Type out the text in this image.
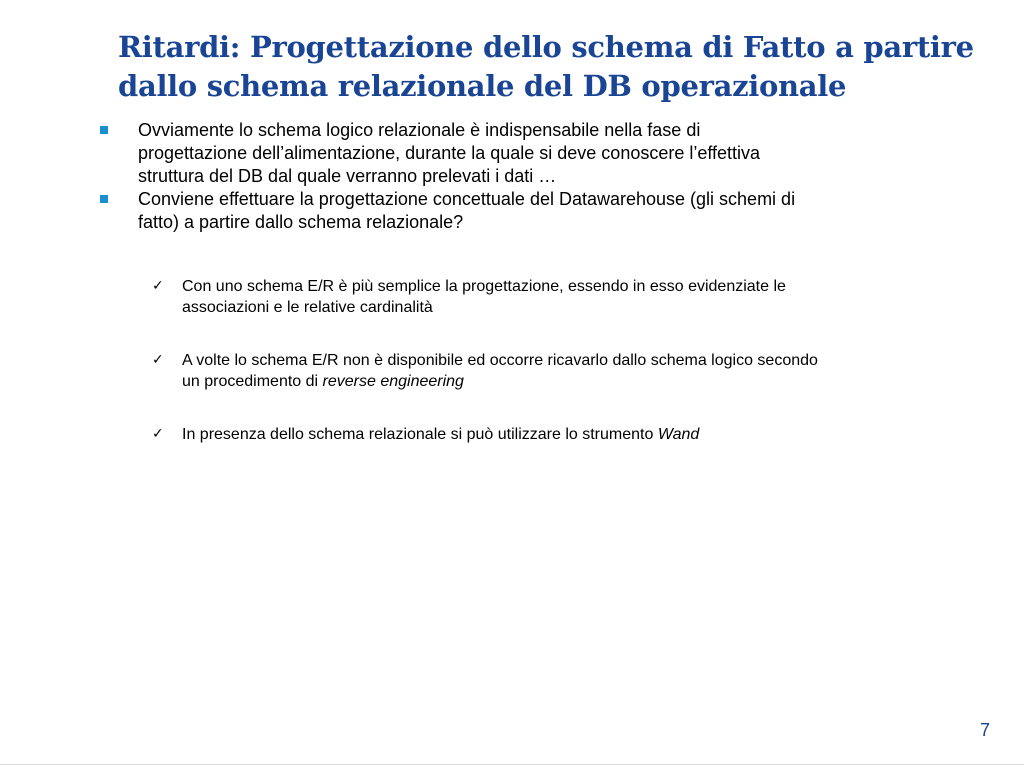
Ritardi: Progettazione dello schema di Fatto a partire
dallo schema relazionale del DB operazionale
Ovviamente lo schema logico relazionale è indispensabile nella fase di
progettazione dell’alimentazione, durante la quale si deve conoscere l’effettiva
struttura del DB dal quale verranno prelevati i dati …
Conviene effettuare la progettazione concettuale del Datawarehouse (gli schemi di
fatto) a partire dallo schema relazionale?
✓ Con uno schema E/R è più semplice la progettazione, essendo in esso evidenziate le
associazioni e le relative cardinalità
✓ A volte lo schema E/R non è disponibile ed occorre ricavarlo dallo schema logico secondo
un procedimento di reverse engineering
✓ In presenza dello schema relazionale si può utilizzare lo strumento Wand
7
